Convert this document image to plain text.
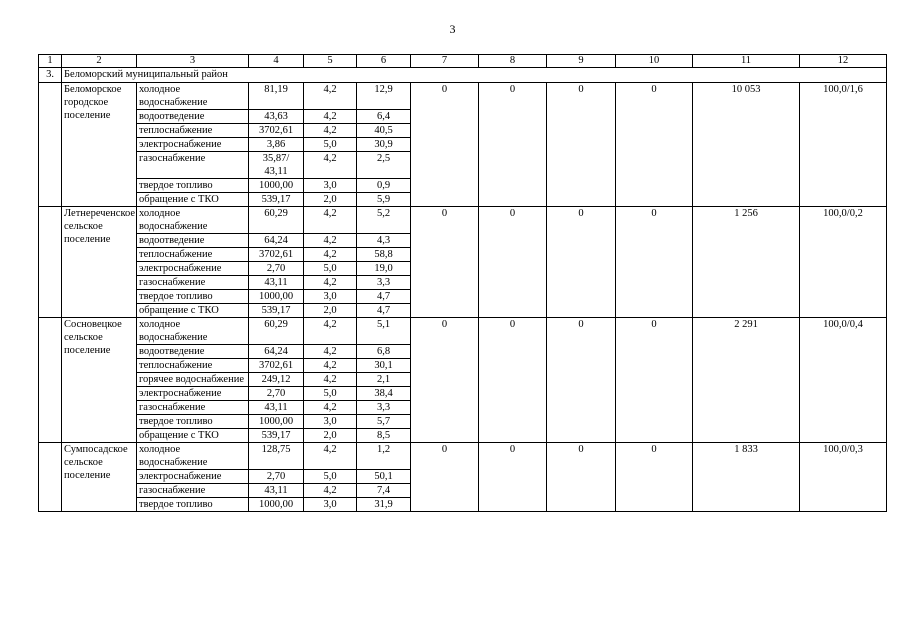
3
1	2	3	4	5	6	7	8	9	10	11	12
3.	Беломорский муниципальный район										
	Беломорское городское поселение	холодное водоснабжение	81,19	4,2	12,9	0	0	0	0	10 053	100,0/1,6
		водоотведение	43,63	4,2	6,4						
		теплоснабжение	3702,61	4,2	40,5						
		электроснабжение	3,86	5,0	30,9						
		газоснабжение	35,87/ 43,11	4,2	2,5						
		твердое топливо	1000,00	3,0	0,9						
		обращение с ТКО	539,17	2,0	5,9						
	Летнереченское сельское поселение	холодное водоснабжение	60,29	4,2	5,2	0	0	0	0	1 256	100,0/0,2
		водоотведение	64,24	4,2	4,3						
		теплоснабжение	3702,61	4,2	58,8						
		электроснабжение	2,70	5,0	19,0						
		газоснабжение	43,11	4,2	3,3						
		твердое топливо	1000,00	3,0	4,7						
		обращение с ТКО	539,17	2,0	4,7						
	Сосновецкое сельское поселение	холодное водоснабжение	60,29	4,2	5,1	0	0	0	0	2 291	100,0/0,4
		водоотведение	64,24	4,2	6,8						
		теплоснабжение	3702,61	4,2	30,1						
		горячее водоснабжение	249,12	4,2	2,1						
		электроснабжение	2,70	5,0	38,4						
		газоснабжение	43,11	4,2	3,3						
		твердое топливо	1000,00	3,0	5,7						
		обращение с ТКО	539,17	2,0	8,5						
	Сумпосадское сельское поселение	холодное водоснабжение	128,75	4,2	1,2	0	0	0	0	1 833	100,0/0,3
		электроснабжение	2,70	5,0	50,1						
		газоснабжение	43,11	4,2	7,4						
		твердое топливо	1000,00	3,0	31,9						
